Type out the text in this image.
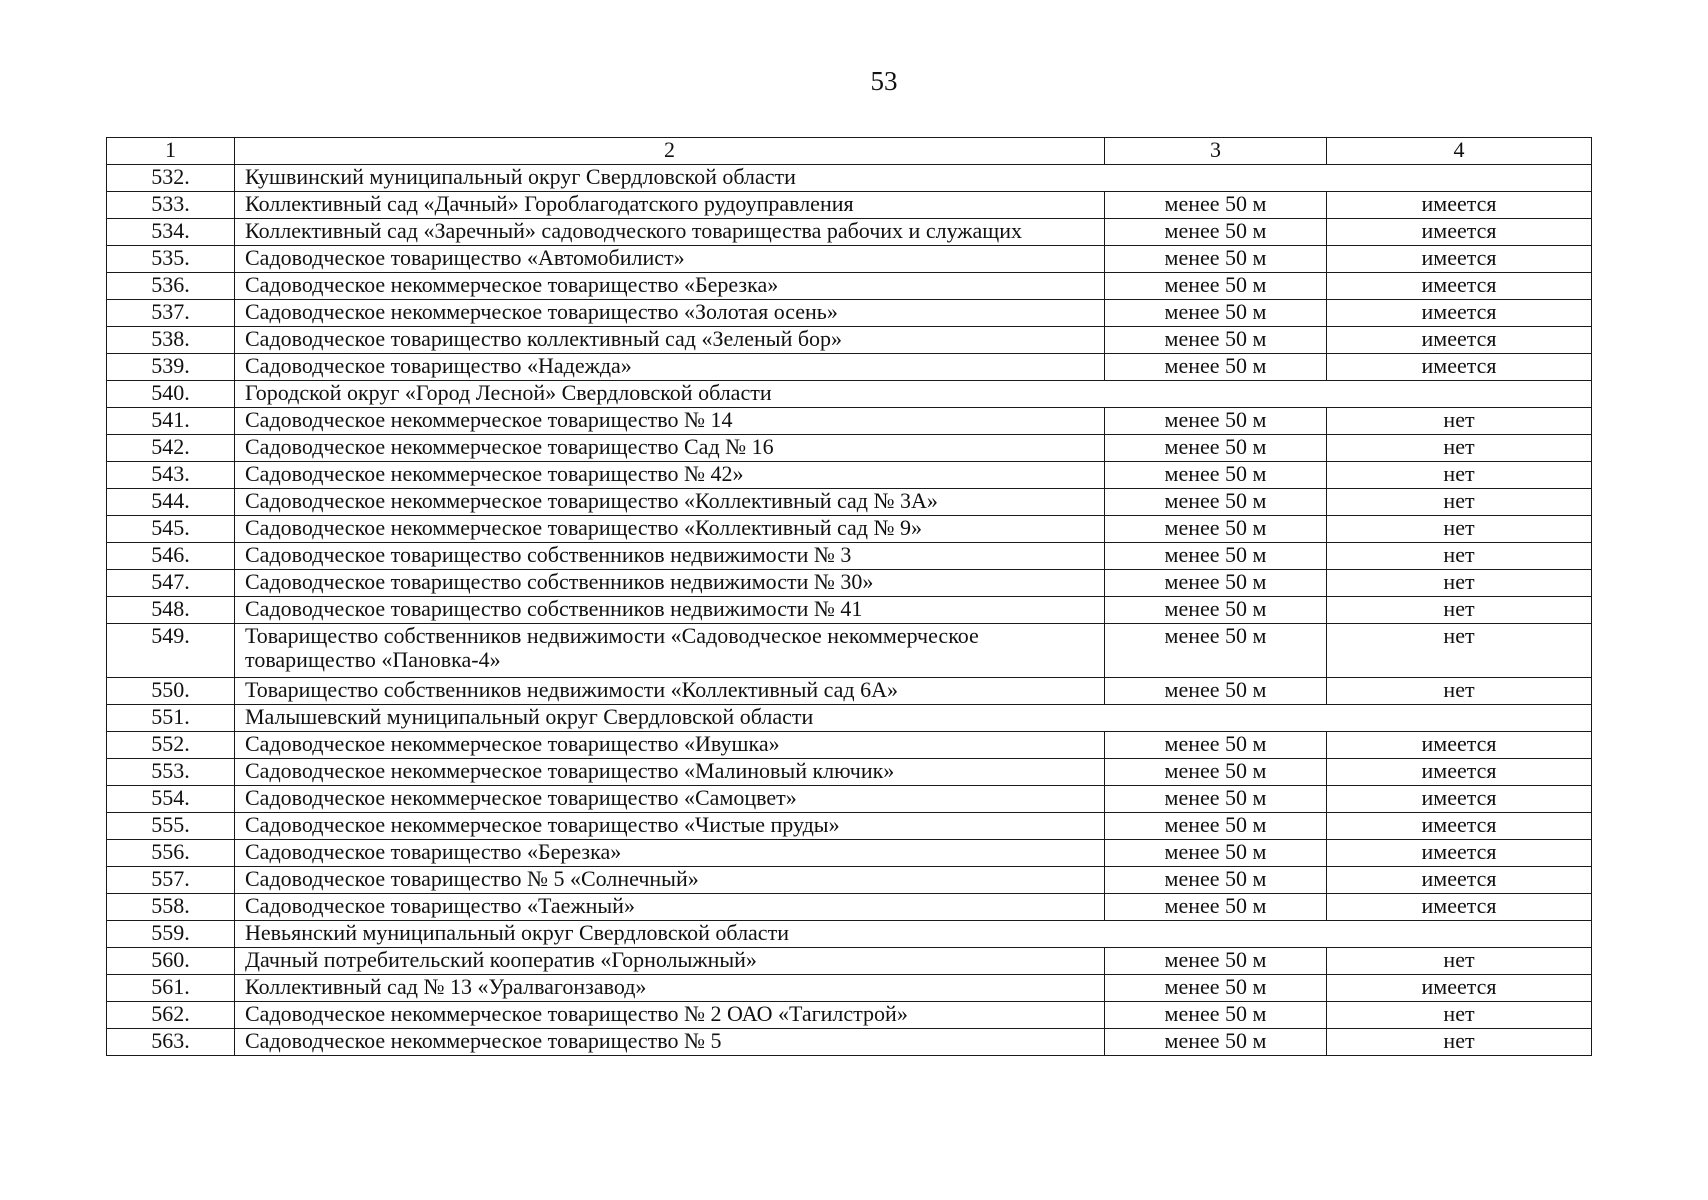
53
1	2	3	4
532.	Кушвинский муниципальный округ Свердловской области		
533.	Коллективный сад «Дачный» Гороблагодатского рудоуправления	менее 50 м	имеется
534.	Коллективный сад «Заречный» садоводческого товарищества рабочих и служащих	менее 50 м	имеется
535.	Садоводческое товарищество «Автомобилист»	менее 50 м	имеется
536.	Садоводческое некоммерческое товарищество «Березка»	менее 50 м	имеется
537.	Садоводческое некоммерческое товарищество «Золотая осень»	менее 50 м	имеется
538.	Садоводческое товарищество коллективный сад «Зеленый бор»	менее 50 м	имеется
539.	Садоводческое товарищество «Надежда»	менее 50 м	имеется
540.	Городской округ «Город Лесной» Свердловской области		
541.	Садоводческое некоммерческое товарищество № 14	менее 50 м	нет
542.	Садоводческое некоммерческое товарищество Сад № 16	менее 50 м	нет
543.	Садоводческое некоммерческое товарищество № 42»	менее 50 м	нет
544.	Садоводческое некоммерческое товарищество «Коллективный сад № 3А»	менее 50 м	нет
545.	Садоводческое некоммерческое товарищество «Коллективный сад № 9»	менее 50 м	нет
546.	Садоводческое товарищество собственников недвижимости № 3	менее 50 м	нет
547.	Садоводческое товарищество собственников недвижимости № 30»	менее 50 м	нет
548.	Садоводческое товарищество собственников недвижимости № 41	менее 50 м	нет
549.	Товарищество собственников недвижимости «Садоводческое некоммерческое товарищество «Пановка-4»	менее 50 м	нет
550.	Товарищество собственников недвижимости «Коллективный сад 6А»	менее 50 м	нет
551.	Малышевский муниципальный округ Свердловской области		
552.	Садоводческое некоммерческое товарищество «Ивушка»	менее 50 м	имеется
553.	Садоводческое некоммерческое товарищество «Малиновый ключик»	менее 50 м	имеется
554.	Садоводческое некоммерческое товарищество «Самоцвет»	менее 50 м	имеется
555.	Садоводческое некоммерческое товарищество «Чистые пруды»	менее 50 м	имеется
556.	Садоводческое товарищество «Березка»	менее 50 м	имеется
557.	Садоводческое товарищество № 5 «Солнечный»	менее 50 м	имеется
558.	Садоводческое товарищество «Таежный»	менее 50 м	имеется
559.	Невьянский муниципальный округ Свердловской области		
560.	Дачный потребительский кооператив «Горнолыжный»	менее 50 м	нет
561.	Коллективный сад № 13 «Уралвагонзавод»	менее 50 м	имеется
562.	Садоводческое некоммерческое товарищество № 2 ОАО «Тагилстрой»	менее 50 м	нет
563.	Садоводческое некоммерческое товарищество № 5	менее 50 м	нет
